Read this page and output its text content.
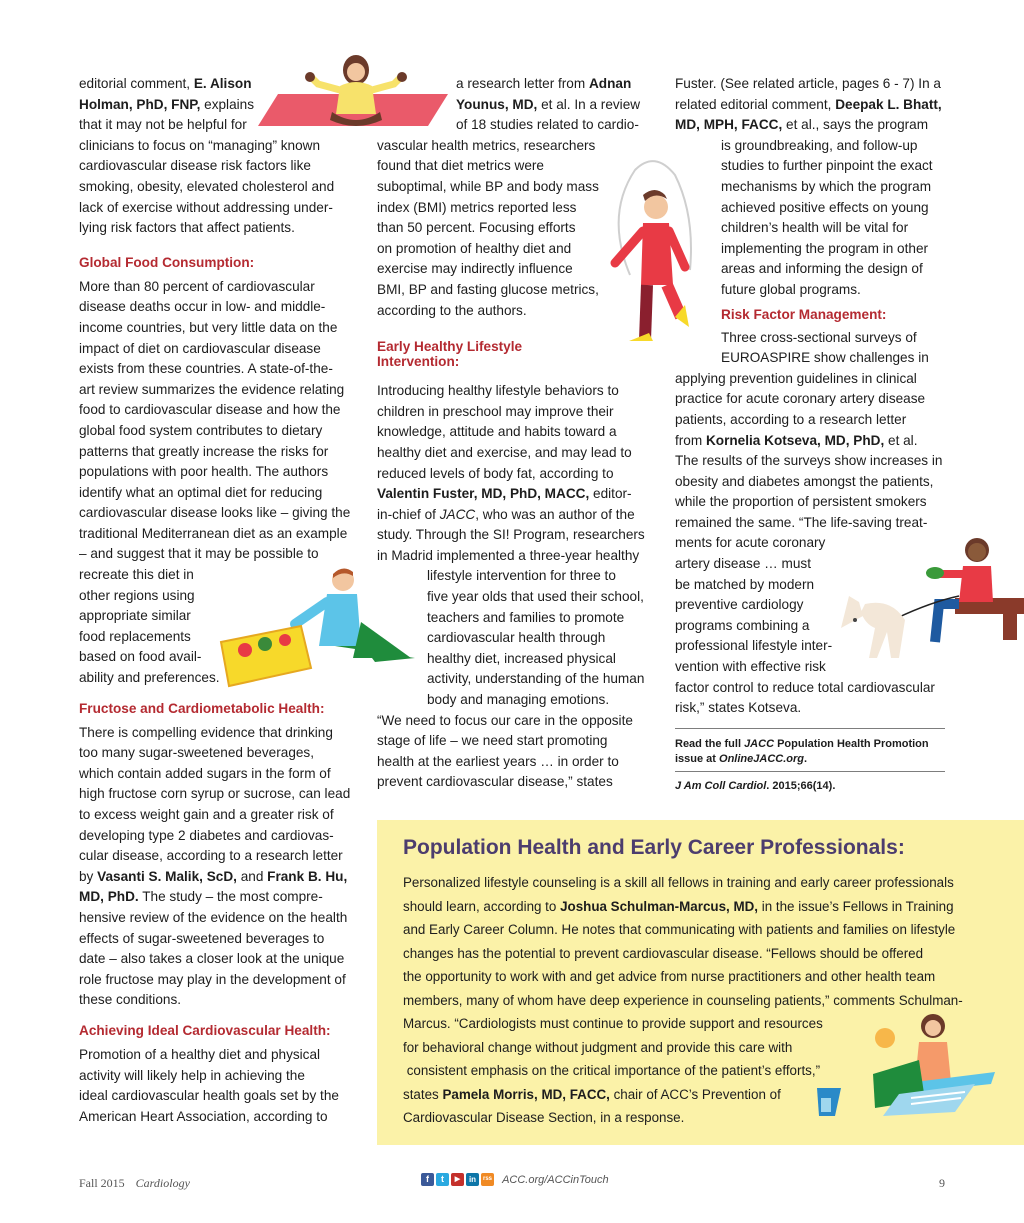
editorial comment, E. Alison

Holman, PhD, FNP, explains

that it may not be helpful for

clinicians to focus on “managing” known

cardiovascular disease risk factors like

smoking, obesity, elevated cholesterol and

lack of exercise without addressing under-

lying risk factors that affect patients.

Global Food Consumption:

More than 80 percent of cardiovascular

disease deaths occur in low- and middle-

income countries, but very little data on the

impact of diet on cardiovascular disease

exists from these countries. A state-of-the-

art review summarizes the evidence relating

food to cardiovascular disease and how the

global food system contributes to dietary

patterns that greatly increase the risks for

populations with poor health. The authors

identify what an optimal diet for reducing

cardiovascular disease looks like – giving the

traditional Mediterranean diet as an example

– and suggest that it may be possible to

recreate this diet in

other regions using

appropriate similar

food replacements

based on food avail-

ability and preferences.

Fructose and Cardiometabolic Health:

There is compelling evidence that drinking

too many sugar-sweetened beverages,

which contain added sugars in the form of

high fructose corn syrup or sucrose, can lead

to excess weight gain and a greater risk of

developing type 2 diabetes and cardiovas-

cular disease, according to a research letter

by Vasanti S. Malik, ScD, and Frank B. Hu,

MD, PhD. The study – the most compre-

hensive review of the evidence on the health

effects of sugar-sweetened beverages to

date – also takes a closer look at the unique

role fructose may play in the development of

these conditions.

Achieving Ideal Cardiovascular Health:

Promotion of a healthy diet and physical

activity will likely help in achieving the

ideal cardiovascular health goals set by the

American Heart Association, according to

a research letter from Adnan

Younus, MD, et al. In a review

of 18 studies related to cardio-

vascular health metrics, researchers

found that diet metrics were

suboptimal, while BP and body mass

index (BMI) metrics reported less

than 50 percent. Focusing efforts

on promotion of healthy diet and

exercise may indirectly influence

BMI, BP and fasting glucose metrics,

according to the authors.

Early Healthy Lifestyle

Intervention:

Introducing healthy lifestyle behaviors to

children in preschool may improve their

knowledge, attitude and habits toward a

healthy diet and exercise, and may lead to

reduced levels of body fat, according to

Valentin Fuster, MD, PhD, MACC, editor-

in-chief of JACC, who was an author of the

study. Through the SI! Program, researchers

in Madrid implemented a three-year healthy

lifestyle intervention for three to

five year olds that used their school,

teachers and families to promote

cardiovascular health through

healthy diet, increased physical

activity, understanding of the human

body and managing emotions.

“We need to focus our care in the opposite

stage of life – we need start promoting

health at the earliest years … in order to

prevent cardiovascular disease,” states

Fuster. (See related article, pages 6 - 7) In a

related editorial comment, Deepak L. Bhatt,

MD, MPH, FACC, et al., says the program

is groundbreaking, and follow-up

studies to further pinpoint the exact

mechanisms by which the program

achieved positive effects on young

children’s health will be vital for

implementing the program in other

areas and informing the design of

future global programs.

Risk Factor Management:

Three cross-sectional surveys of

EUROASPIRE show challenges in

applying prevention guidelines in clinical

practice for acute coronary artery disease

patients, according to a research letter

from Kornelia Kotseva, MD, PhD, et al.

The results of the surveys show increases in

obesity and diabetes amongst the patients,

while the proportion of persistent smokers

remained the same. “The life-saving treat-

ments for acute coronary

artery disease … must

be matched by modern

preventive cardiology

programs combining a

professional lifestyle inter-

vention with effective risk

factor control to reduce total cardiovascular

risk,” states Kotseva.

Read the full JACC Population Health Promotion
issue at OnlineJACC.org.
J Am Coll Cardiol. 2015;66(14).
Population Health and Early Career Professionals:

Personalized lifestyle counseling is a skill all fellows in training and early career professionals

should learn, according to Joshua Schulman-Marcus, MD, in the issue’s Fellows in Training

and Early Career Column. He notes that communicating with patients and families on lifestyle

changes has the potential to prevent cardiovascular disease. “Fellows should be offered

the opportunity to work with and get advice from nurse practitioners and other health team

members, many of whom have deep experience in counseling patients,” comments Schulman-

Marcus. “Cardiologists must continue to provide support and resources

for behavioral change without judgment and provide this care with

consistent emphasis on the critical importance of the patient’s efforts,”

states Pamela Morris, MD, FACC, chair of ACC’s Prevention of

Cardiovascular Disease Section, in a response.

Fall 2015 Cardiology	f t ▶ in rss ACC.org/ACCinTouch	9
